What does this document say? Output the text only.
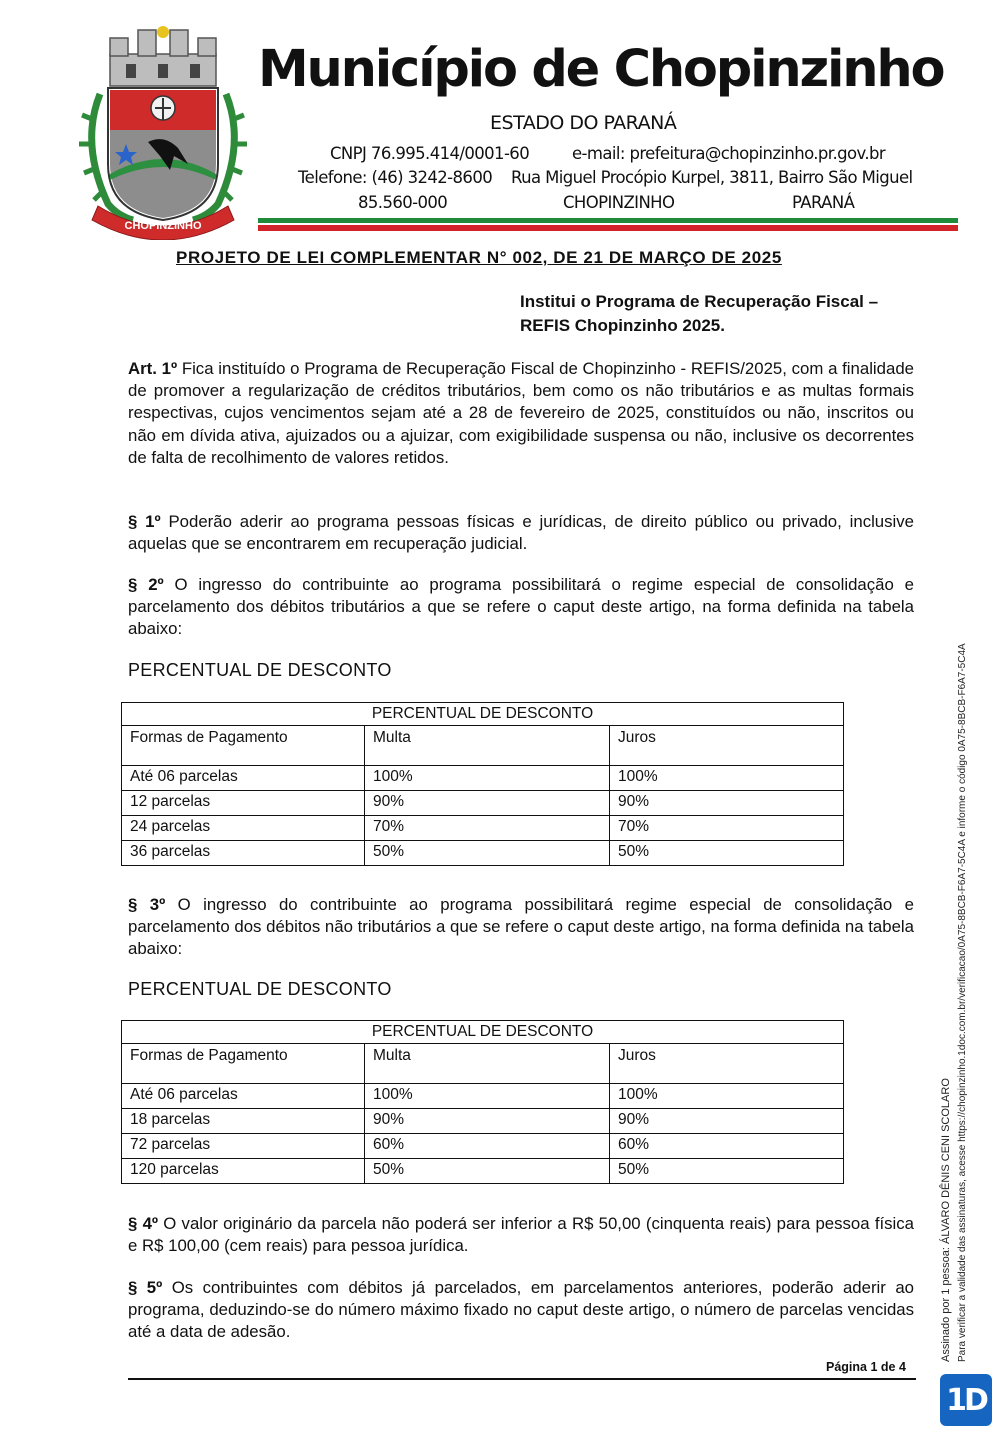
CHOPINZINHO
Município de Chopinzinho
ESTADO DO PARANÁ
CNPJ 76.995.414/0001-60	e-mail: prefeitura@chopinzinho.pr.gov.br
Telefone: (46) 3242-8600 Rua Miguel Procópio Kurpel, 3811, Bairro São Miguel
85.560-000	CHOPINZINHO	PARANÁ
PROJETO DE LEI COMPLEMENTAR N° 002, DE 21 DE MARÇO DE 2025
Institui o Programa de Recuperação Fiscal – REFIS Chopinzinho 2025.
Art. 1º Fica instituído o Programa de Recuperação Fiscal de Chopinzinho - REFIS/2025, com a finalidade de promover a regularização de créditos tributários, bem como os não tributários e as multas formais respectivas, cujos vencimentos sejam até a 28 de fevereiro de 2025, constituídos ou não, inscritos ou não em dívida ativa, ajuizados ou a ajuizar, com exigibilidade suspensa ou não, inclusive os decorrentes de falta de recolhimento de valores retidos.
§ 1º Poderão aderir ao programa pessoas físicas e jurídicas, de direito público ou privado, inclusive aquelas que se encontrarem em recuperação judicial.
§ 2º O ingresso do contribuinte ao programa possibilitará o regime especial de consolidação e parcelamento dos débitos tributários a que se refere o caput deste artigo, na forma definida na tabela abaixo:
PERCENTUAL DE DESCONTO
PERCENTUAL DE DESCONTO		
Formas de Pagamento	Multa	Juros
Até 06 parcelas	100%	100%
12 parcelas	90%	90%
24 parcelas	70%	70%
36 parcelas	50%	50%
§ 3º O ingresso do contribuinte ao programa possibilitará regime especial de consolidação e parcelamento dos débitos não tributários a que se refere o caput deste artigo, na forma definida na tabela abaixo:
PERCENTUAL DE DESCONTO
PERCENTUAL DE DESCONTO		
Formas de Pagamento	Multa	Juros
Até 06 parcelas	100%	100%
18 parcelas	90%	90%
72 parcelas	60%	60%
120 parcelas	50%	50%
§ 4º O valor originário da parcela não poderá ser inferior a R$ 50,00 (cinquenta reais) para pessoa física e R$ 100,00 (cem reais) para pessoa jurídica.
§ 5º Os contribuintes com débitos já parcelados, em parcelamentos anteriores, poderão aderir ao programa, deduzindo-se do número máximo fixado no caput deste artigo, o número de parcelas vencidas até a data de adesão.
Página 1 de 4
Assinado por 1 pessoa: ÁLVARO DÊNIS CENI SCOLARO Para verificar a validade das assinaturas, acesse https://chopinzinho.1doc.com.br/verificacao/0A75-8BCB-F6A7-5C4A e informe o código 0A75-8BCB-F6A7-5C4A
1D
